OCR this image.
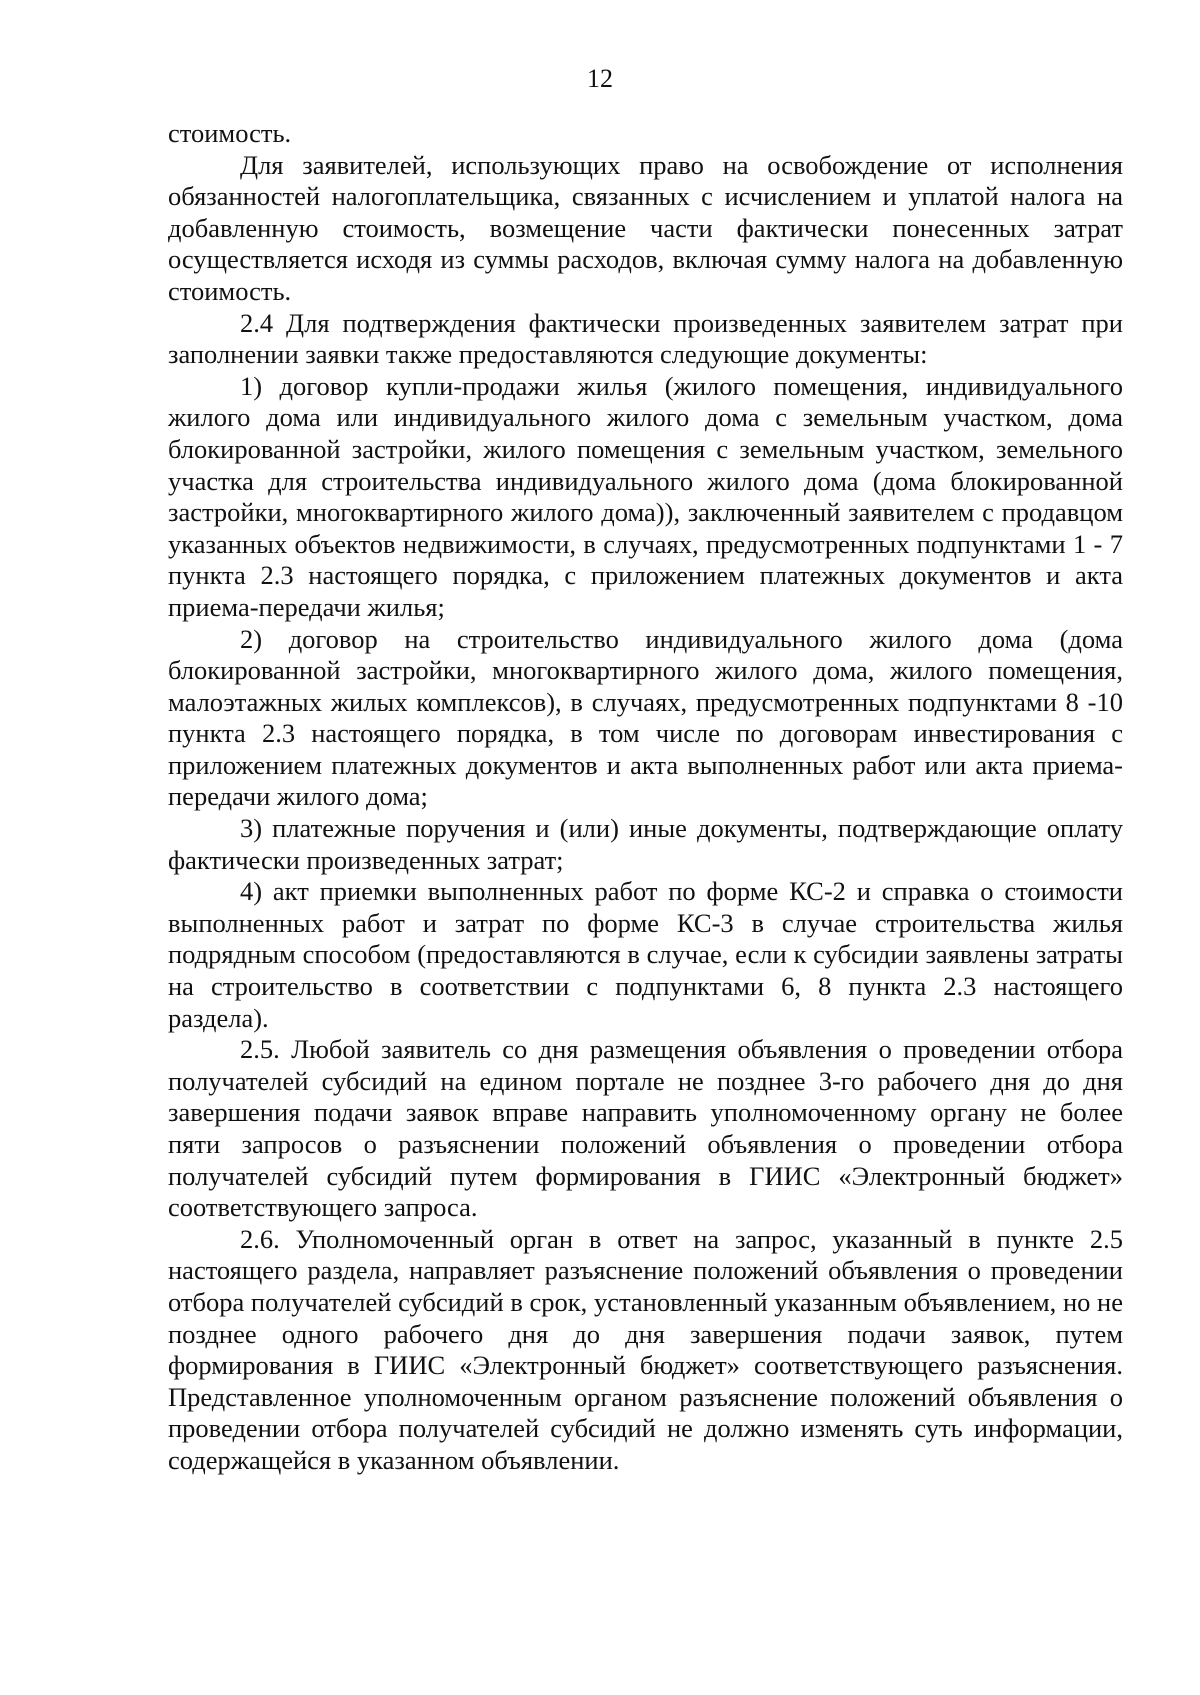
12

стоимость.

Для заявителей, использующих право на освобождение от исполнения обязанностей налогоплательщика, связанных с исчислением и уплатой налога на добавленную стоимость, возмещение части фактически понесенных затрат осуществляется исходя из суммы расходов, включая сумму налога на добавленную стоимость.

2.4 Для подтверждения фактически произведенных заявителем затрат при заполнении заявки также предоставляются следующие документы:

1) договор купли-продажи жилья (жилого помещения, индивидуального жилого дома или индивидуального жилого дома с земельным участком, дома блокированной застройки, жилого помещения с земельным участком, земельного участка для строительства индивидуального жилого дома (дома блокированной застройки, многоквартирного жилого дома)), заключенный заявителем с продавцом указанных объектов недвижимости, в случаях, предусмотренных подпунктами 1 - 7 пункта 2.3 настоящего порядка, с приложением платежных документов и акта приема-передачи жилья;

2) договор на строительство индивидуального жилого дома (дома блокированной застройки, многоквартирного жилого дома, жилого помещения, малоэтажных жилых комплексов), в случаях, предусмотренных подпунктами 8 -10 пункта 2.3 настоящего порядка, в том числе по договорам инвестирования с приложением платежных документов и акта выполненных работ или акта приема-передачи жилого дома;

3) платежные поручения и (или) иные документы, подтверждающие оплату фактически произведенных затрат;

4) акт приемки выполненных работ по форме КС-2 и справка о стоимости выполненных работ и затрат по форме КС-3 в случае строительства жилья подрядным способом (предоставляются в случае, если к субсидии заявлены затраты на строительство в соответствии с подпунктами 6, 8 пункта 2.3 настоящего раздела).

2.5. Любой заявитель со дня размещения объявления о проведении отбора получателей субсидий на едином портале не позднее 3-го рабочего дня до дня завершения подачи заявок вправе направить уполномоченному органу не более пяти запросов о разъяснении положений объявления о проведении отбора получателей субсидий путем формирования в ГИИС «Электронный бюджет» соответствующего запроса.

2.6. Уполномоченный орган в ответ на запрос, указанный в пункте 2.5 настоящего раздела, направляет разъяснение положений объявления о проведении отбора получателей субсидий в срок, установленный указанным объявлением, но не позднее одного рабочего дня до дня завершения подачи заявок, путем формирования в ГИИС «Электронный бюджет» соответствующего разъяснения. Представленное уполномоченным органом разъяснение положений объявления о проведении отбора получателей субсидий не должно изменять суть информации, содержащейся в указанном объявлении.
